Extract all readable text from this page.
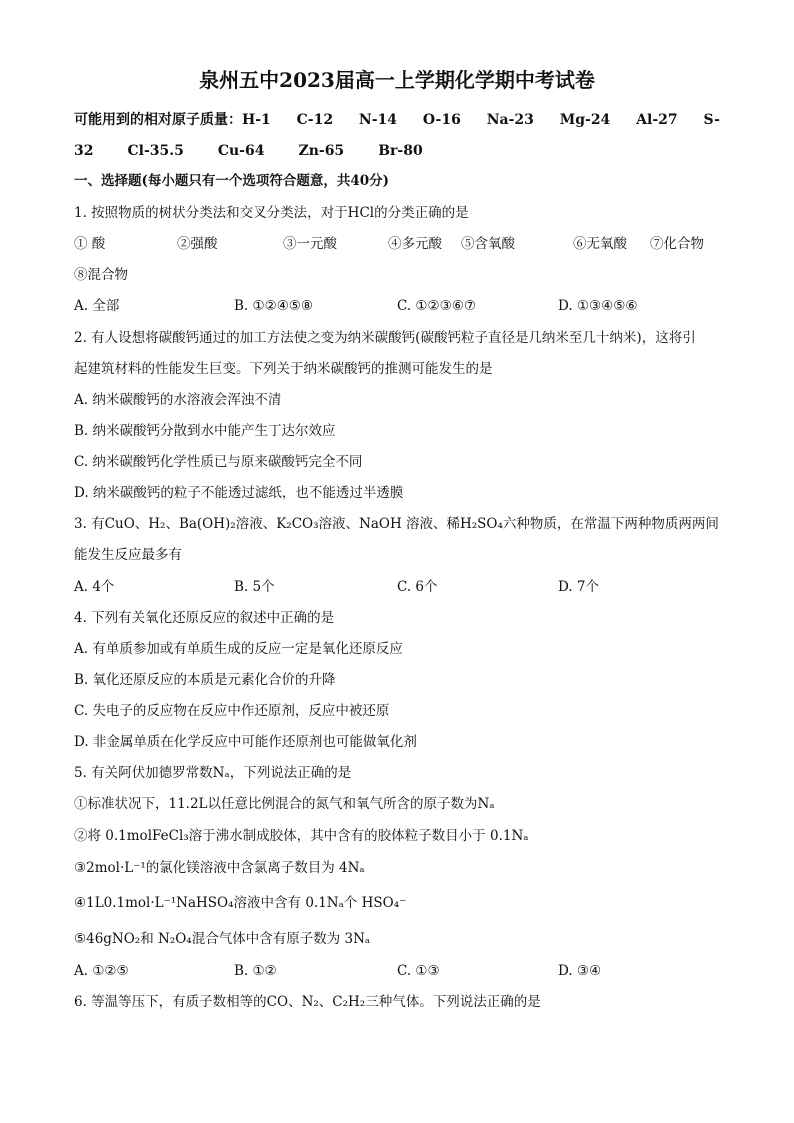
泉州五中2023届高一上学期化学期中考试卷
可能用到的相对原子质量：H-1 C-12 N-14 O-16 Na-23 Mg-24 Al-27 S-
32 Cl-35.5 Cu-64 Zn-65 Br-80
一、选择题(每小题只有一个选项符合题意，共40分)
1. 按照物质的树状分类法和交叉分类法，对于HCl的分类正确的是
① 酸	②强酸	③一元酸	④多元酸 ⑤含氧酸	⑥无氧酸 ⑦化合物
⑧混合物
A. 全部	B. ①②④⑤⑧	C. ①②③⑥⑦	D. ①③④⑤⑥
2. 有人设想将碳酸钙通过的加工方法使之变为纳米碳酸钙(碳酸钙粒子直径是几纳米至几十纳米)，这将引
起建筑材料的性能发生巨变。下列关于纳米碳酸钙的推测可能发生的是
A. 纳米碳酸钙的水溶液会浑浊不清
B. 纳米碳酸钙分散到水中能产生丁达尔效应
C. 纳米碳酸钙化学性质已与原来碳酸钙完全不同
D. 纳米碳酸钙的粒子不能透过滤纸，也不能透过半透膜
3. 有CuO、H₂、Ba(OH)₂溶液、K₂CO₃溶液、NaOH 溶液、稀H₂SO₄六种物质，在常温下两种物质两两间
能发生反应最多有
A. 4个	B. 5个	C. 6个	D. 7个
4. 下列有关氧化还原反应的叙述中正确的是
A. 有单质参加或有单质生成的反应一定是氧化还原反应
B. 氧化还原反应的本质是元素化合价的升降
C. 失电子的反应物在反应中作还原剂，反应中被还原
D. 非金属单质在化学反应中可能作还原剂也可能做氧化剂
5. 有关阿伏加德罗常数Nₐ，下列说法正确的是
①标准状况下，11.2L以任意比例混合的氮气和氧气所含的原子数为Nₐ
②将 0.1molFeCl₃溶于沸水制成胶体，其中含有的胶体粒子数目小于 0.1Nₐ
③2mol·L⁻¹的氯化镁溶液中含氯离子数目为 4Nₐ
④1L0.1mol·L⁻¹NaHSO₄溶液中含有 0.1Nₐ个 HSO₄⁻
⑤46gNO₂和 N₂O₄混合气体中含有原子数为 3Nₐ
A. ①②⑤	B. ①②	C. ①③	D. ③④
6. 等温等压下，有质子数相等的CO、N₂、C₂H₂三种气体。下列说法正确的是
